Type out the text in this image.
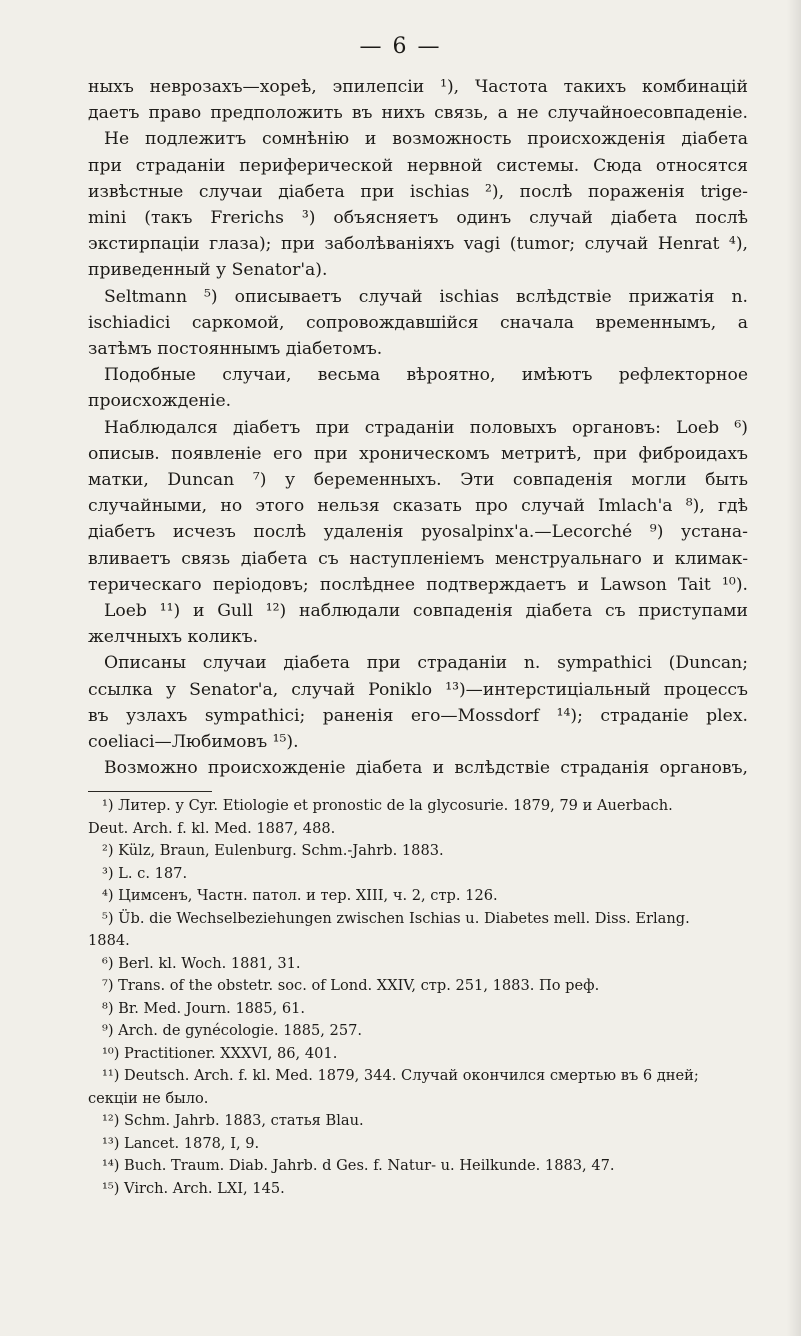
— 6 —
ныхъ неврозахъ—хореѣ, эпилепсіи ¹), Частота такихъ комбинацій
даетъ право предположить въ нихъ связь, а не случайноесовпаденіе.
Не подлежитъ сомнѣнію и возможность происхожденія діабета
при страданіи периферической нервной системы. Сюда относятся
извѣстные случаи діабета при ischias ²), послѣ пораженія trige-
mini (такъ Frerichs ³) объясняетъ одинъ случай діабета послѣ
экстирпаціи глаза); при заболѣваніяхъ vagi (tumor; случай Henrat ⁴),
приведенный у Senator'a).
Seltmann ⁵) описываетъ случай ischias вслѣдствіе прижатія n.
ischiadici саркомой, сопровождавшійся сначала временнымъ, а
затѣмъ постояннымъ діабетомъ.
Подобные случаи, весьма вѣроятно, имѣютъ рефлекторное
происхожденіе.
Наблюдался діабетъ при страданіи половыхъ органовъ: Loeb ⁶)
описыв. появленіе его при хроническомъ метритѣ, при фиброидахъ
матки, Duncan ⁷) у беременныхъ. Эти совпаденія могли быть
случайными, но этого нельзя сказать про случай Imlach'a ⁸), гдѣ
діабетъ исчезъ послѣ удаленія pyosalpinx'a.—Lecorché ⁹) устана-
вливаетъ связь діабета съ наступленіемъ менструальнаго и климак-
терическаго періодовъ; послѣднее подтверждаетъ и Lawson Tait ¹⁰).
Loeb ¹¹) и Gull ¹²) наблюдали совпаденія діабета съ приступами
желчныхъ коликъ.
Описаны случаи діабета при страданіи n. sympathici (Duncan;
ссылка у Senator'a, случай Poniklo ¹³)—интерстиціальный процессъ
въ узлахъ sympathici; раненія его—Mossdorf ¹⁴); страданіе plex.
coeliaci—Любимовъ ¹⁵).
Возможно происхожденіе діабета и вслѣдствіе страданія органовъ,
¹) Литер. у Cyr. Etiologie et pronostic de la glycosurie. 1879, 79 и Auerbach.
Deut. Arch. f. kl. Med. 1887, 488.
²) Külz, Braun, Eulenburg. Schm.-Jahrb. 1883.
³) L. c. 187.
⁴) Цимсенъ, Частн. патол. и тер. XIII, ч. 2, стр. 126.
⁵) Üb. die Wechselbeziehungen zwischen Ischias u. Diabetes mell. Diss. Erlang.
1884.
⁶) Berl. kl. Woch. 1881, 31.
⁷) Trans. of the obstetr. soc. of Lond. XXIV, стр. 251, 1883. По реф.
⁸) Br. Med. Journ. 1885, 61.
⁹) Arch. de gynécologie. 1885, 257.
¹⁰) Practitioner. XXXVI, 86, 401.
¹¹) Deutsch. Arch. f. kl. Med. 1879, 344. Случай окончился смертью въ 6 дней;
секціи не было.
¹²) Schm. Jahrb. 1883, статья Blau.
¹³) Lancet. 1878, I, 9.
¹⁴) Buch. Traum. Diab. Jahrb. d Ges. f. Natur- u. Heilkunde. 1883, 47.
¹⁵) Virch. Arch. LXI, 145.
